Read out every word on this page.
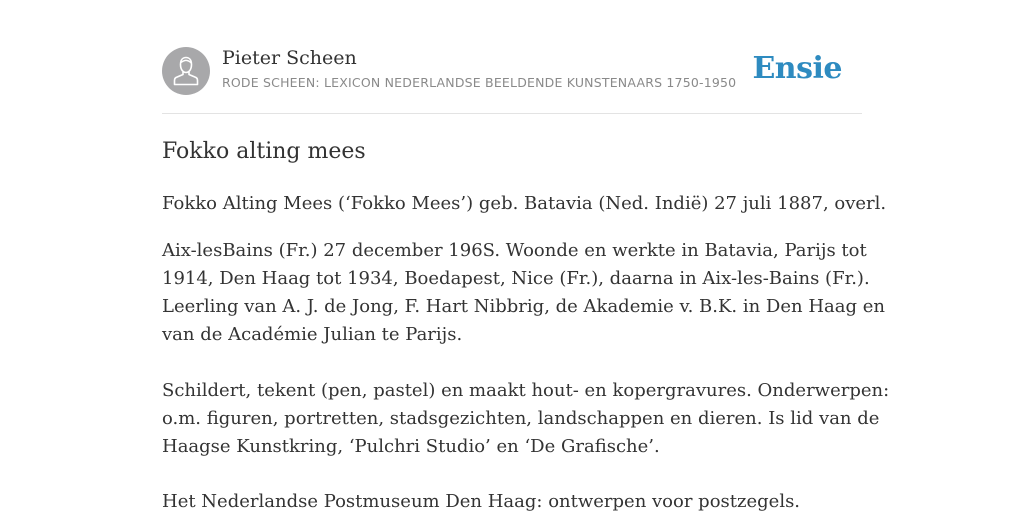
Pieter Scheen
RODE SCHEEN: LEXICON NEDERLANDSE BEELDENDE KUNSTENAARS 1750-1950 Ensie
Fokko alting mees

Fokko Alting Mees (‘Fokko Mees’) geb. Batavia (Ned. Indië) 27 juli 1887, overl.

Aix-lesBains (Fr.) 27 december 196S. Woonde en werkte in Batavia, Parijs tot
1914, Den Haag tot 1934, Boedapest, Nice (Fr.), daarna in Aix-les-Bains (Fr.).
Leerling van A. J. de Jong, F. Hart Nibbrig, de Akademie v. B.K. in Den Haag en
van de Académie Julian te Parijs.

Schildert, tekent (pen, pastel) en maakt hout- en kopergravures. Onderwerpen:
o.m. figuren, portretten, stadsgezichten, landschappen en dieren. Is lid van de
Haagse Kunstkring, ‘Pulchri Studio’ en ‘De Grafische’.

Het Nederlandse Postmuseum Den Haag: ontwerpen voor postzegels.
